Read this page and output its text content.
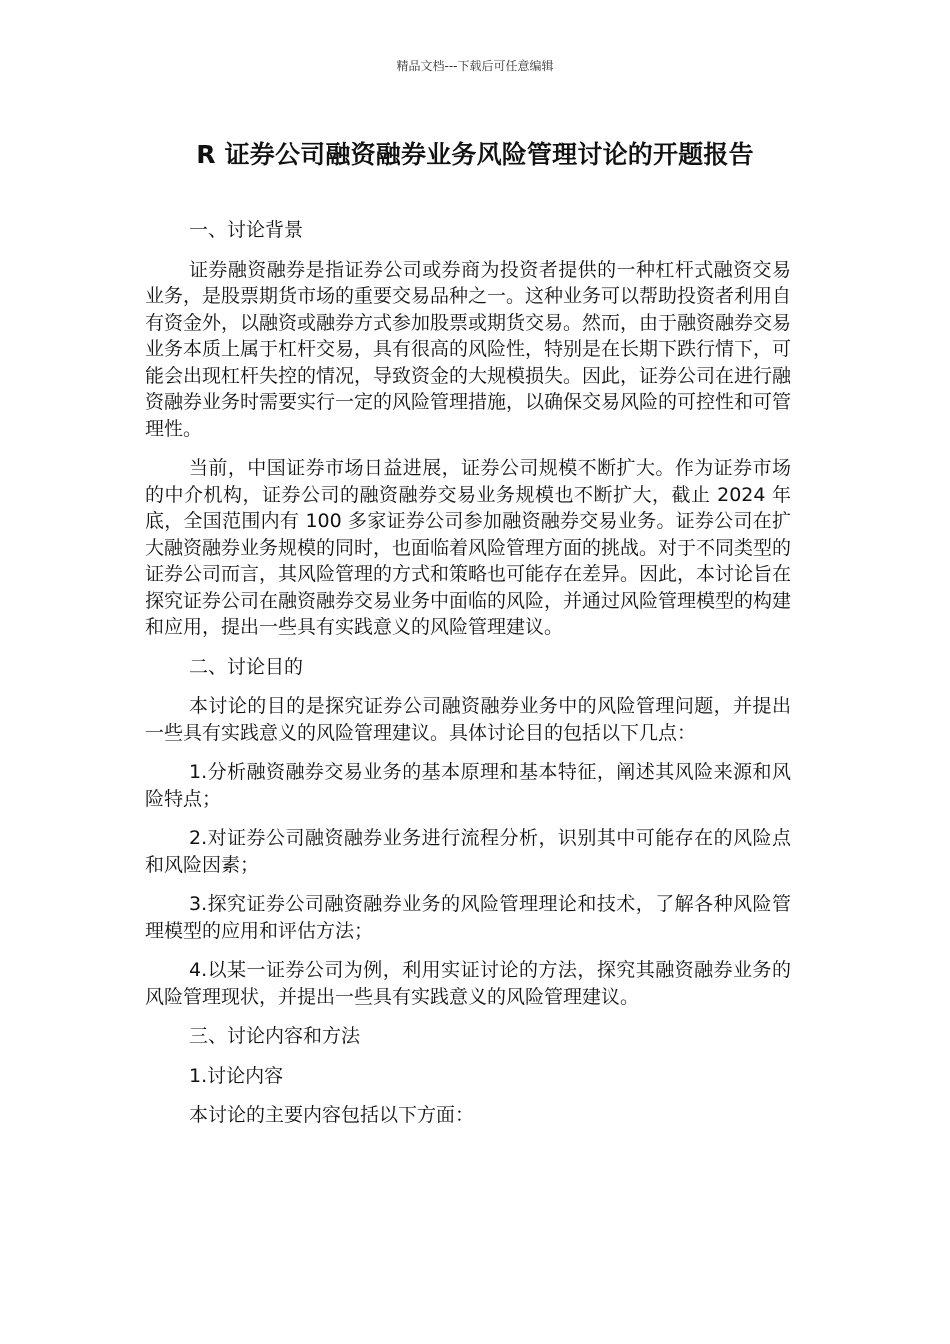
精品文档---下载后可任意编辑
R 证券公司融资融券业务风险管理讨论的开题报告

一、讨论背景

证券融资融券是指证券公司或券商为投资者提供的一种杠杆式融资交易业务，是股票期货市场的重要交易品种之一。这种业务可以帮助投资者利用自有资金外，以融资或融券方式参加股票或期货交易。然而，由于融资融券交易业务本质上属于杠杆交易，具有很高的风险性，特别是在长期下跌行情下，可能会出现杠杆失控的情况，导致资金的大规模损失。因此，证券公司在进行融资融券业务时需要实行一定的风险管理措施，以确保交易风险的可控性和可管理性。

当前，中国证券市场日益进展，证券公司规模不断扩大。作为证券市场的中介机构，证券公司的融资融券交易业务规模也不断扩大，截止 2024 年底，全国范围内有 100 多家证券公司参加融资融券交易业务。证券公司在扩大融资融券业务规模的同时，也面临着风险管理方面的挑战。对于不同类型的证券公司而言，其风险管理的方式和策略也可能存在差异。因此，本讨论旨在探究证券公司在融资融券交易业务中面临的风险，并通过风险管理模型的构建和应用，提出一些具有实践意义的风险管理建议。

二、讨论目的

本讨论的目的是探究证券公司融资融券业务中的风险管理问题，并提出一些具有实践意义的风险管理建议。具体讨论目的包括以下几点：

1.分析融资融券交易业务的基本原理和基本特征，阐述其风险来源和风险特点；

2.对证券公司融资融券业务进行流程分析，识别其中可能存在的风险点和风险因素；

3.探究证券公司融资融券业务的风险管理理论和技术，了解各种风险管理模型的应用和评估方法；

4.以某一证券公司为例，利用实证讨论的方法，探究其融资融券业务的风险管理现状，并提出一些具有实践意义的风险管理建议。

三、讨论内容和方法

1.讨论内容

本讨论的主要内容包括以下方面：
